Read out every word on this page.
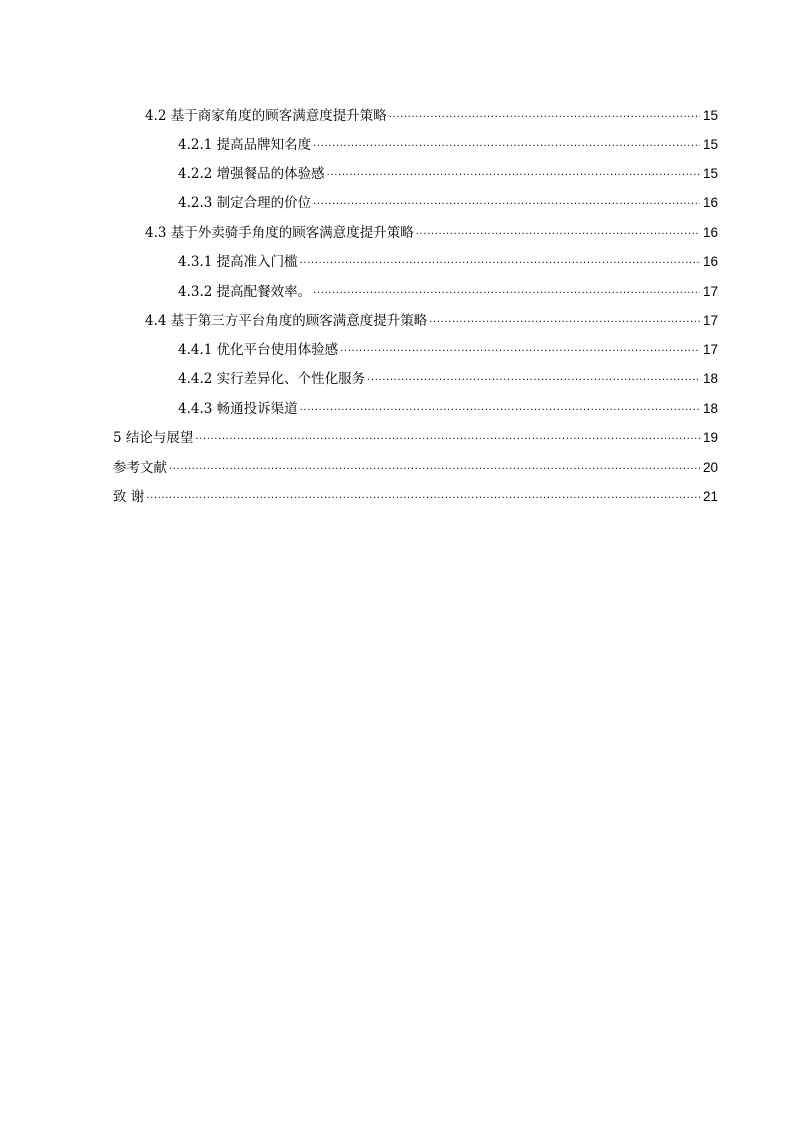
4.2 基于商家角度的顾客满意度提升策略 .....	15
4.2.1 提高品牌知名度 .....	15
4.2.2 增强餐品的体验感 .....	15
4.2.3 制定合理的价位 .....	16
4.3 基于外卖骑手角度的顾客满意度提升策略 .....	16
4.3.1 提高准入门槛 .....	16
4.3.2 提高配餐效率。 .....	17
4.4 基于第三方平台角度的顾客满意度提升策略 .....	17
4.4.1 优化平台使用体验感 .....	17
4.4.2 实行差异化、个性化服务 .....	18
4.4.3 畅通投诉渠道 .....	18
5 结论与展望 .....	19
参考文献 .....	20
致 谢 .....	21
